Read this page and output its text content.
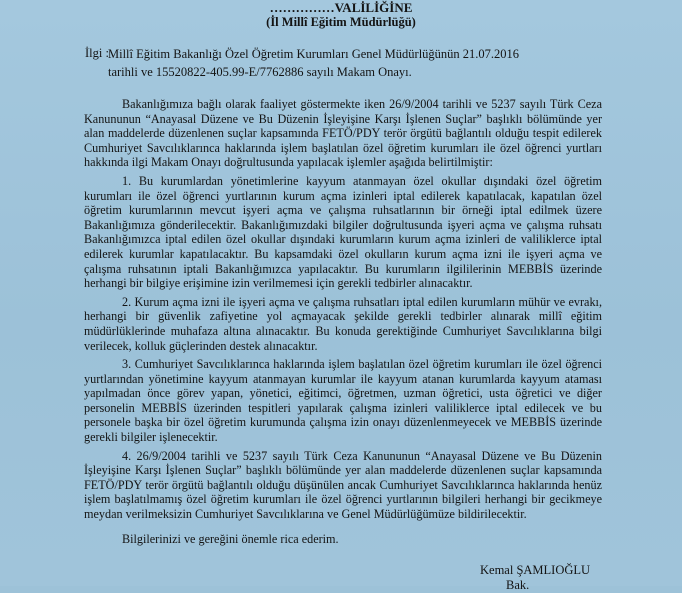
……………VALİLİĞİNE
(İl Millî Eğitim Müdürlüğü)
İlgi : Millî Eğitim Bakanlığı Özel Öğretim Kurumları Genel Müdürlüğünün 21.07.2016
tarihli ve 15520822-405.99-E/7762886 sayılı Makam Onayı.

Bakanlığımıza bağlı olarak faaliyet göstermekte iken 26/9/2004 tarihli ve 5237 sayılı Türk Ceza Kanununun “Anayasal Düzene ve Bu Düzenin İşleyişine Karşı İşlenen Suçlar” başlıklı bölümünde yer alan maddelerde düzenlenen suçlar kapsamında FETÖ/PDY terör örgütü bağlantılı olduğu tespit edilerek Cumhuriyet Savcılıklarınca haklarında işlem başlatılan özel öğretim kurumları ile özel öğrenci yurtları hakkında ilgi Makam Onayı doğrultusunda yapılacak işlemler aşağıda belirtilmiştir:

1. Bu kurumlardan yönetimlerine kayyum atanmayan özel okullar dışındaki özel öğretim kurumları ile özel öğrenci yurtlarının kurum açma izinleri iptal edilerek kapatılacak, kapatılan özel öğretim kurumlarının mevcut işyeri açma ve çalışma ruhsatlarının bir örneği iptal edilmek üzere Bakanlığımıza gönderilecektir. Bakanlığımızdaki bilgiler doğrultusunda işyeri açma ve çalışma ruhsatı Bakanlığımızca iptal edilen özel okullar dışındaki kurumların kurum açma izinleri de valiliklerce iptal edilerek kurumlar kapatılacaktır. Bu kapsamdaki özel okulların kurum açma izni ile işyeri açma ve çalışma ruhsatının iptali Bakanlığımızca yapılacaktır. Bu kurumların ilgililerinin MEBBİS üzerinde herhangi bir bilgiye erişimine izin verilmemesi için gerekli tedbirler alınacaktır.

2. Kurum açma izni ile işyeri açma ve çalışma ruhsatları iptal edilen kurumların mühür ve evrakı, herhangi bir güvenlik zafiyetine yol açmayacak şekilde gerekli tedbirler alınarak millî eğitim müdürlüklerinde muhafaza altına alınacaktır. Bu konuda gerektiğinde Cumhuriyet Savcılıklarına bilgi verilecek, kolluk güçlerinden destek alınacaktır.

3. Cumhuriyet Savcılıklarınca haklarında işlem başlatılan özel öğretim kurumları ile özel öğrenci yurtlarından yönetimine kayyum atanmayan kurumlar ile kayyum atanan kurumlarda kayyum ataması yapılmadan önce görev yapan, yönetici, eğitimci, öğretmen, uzman öğretici, usta öğretici ve diğer personelin MEBBİS üzerinden tespitleri yapılarak çalışma izinleri valiliklerce iptal edilecek ve bu personele başka bir özel öğretim kurumunda çalışma izin onayı düzenlenmeyecek ve MEBBİS üzerinde gerekli bilgiler işlenecektir.

4. 26/9/2004 tarihli ve 5237 sayılı Türk Ceza Kanununun “Anayasal Düzene ve Bu Düzenin İşleyişine Karşı İşlenen Suçlar” başlıklı bölümünde yer alan maddelerde düzenlenen suçlar kapsamında FETÖ/PDY terör örgütü bağlantılı olduğu düşünülen ancak Cumhuriyet Savcılıklarınca haklarında henüz işlem başlatılmamış özel öğretim kurumları ile özel öğrenci yurtlarının bilgileri herhangi bir gecikmeye meydan verilmeksizin Cumhuriyet Savcılıklarına ve Genel Müdürlüğümüze bildirilecektir.

Bilgilerinizi ve gereğini önemle rica ederim.

Kemal ŞAMLIOĞLU
Bak.
